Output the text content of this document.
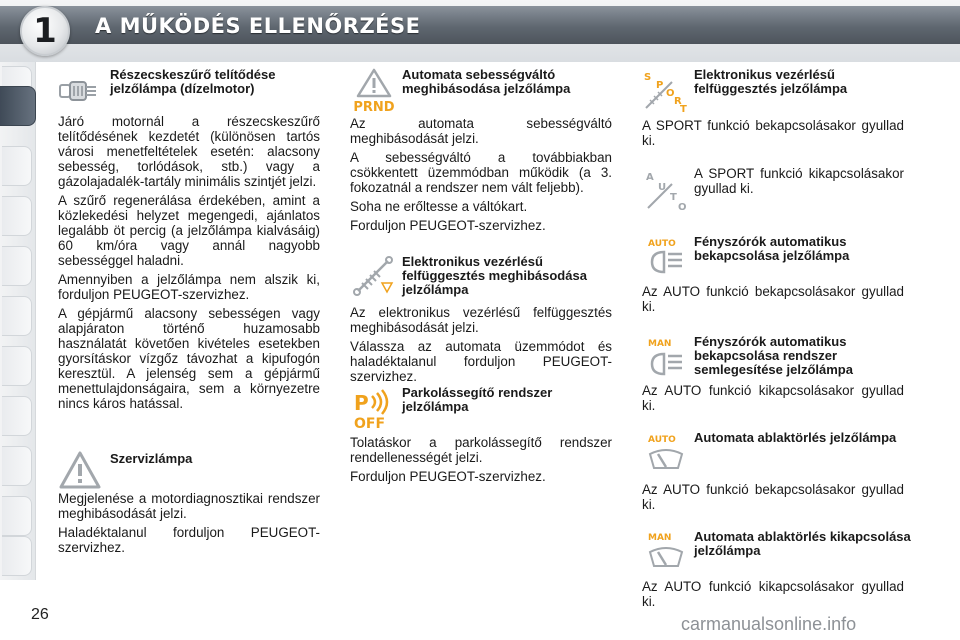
1	A MŰKÖDÉS ELLENŐRZÉSE
Részecskeszűrő telítődése jelzőlámpa (dízelmotor)

Járó motornál a részecskeszűrő telítődésének kezdetét (különösen tartós városi menetfeltételek esetén: alacsony sebesség, torlódások, stb.) vagy a gázolajadalék-tartály minimális szintjét jelzi.

A szűrő regenerálása érdekében, amint a közlekedési helyzet megengedi, ajánlatos legalább öt percig (a jelzőlámpa kialvásáig) 60 km/óra vagy annál nagyobb sebességgel haladni.

Amennyiben a jelzőlámpa nem alszik ki, forduljon PEUGEOT-szervizhez.

A gépjármű alacsony sebességen vagy alapjáraton történő huzamosabb használatát követően kivételes esetekben gyorsításkor vízgőz távozhat a kipufogón keresztül. A jelenség sem a gépjármű menettulajdonságaira, sem a környezetre nincs káros hatással.

Szervizlámpa

Megjelenése a motordiagnosztikai rendszer meghibásodását jelzi.

Haladéktalanul forduljon PEUGEOT-szervizhez.

PRND
Automata sebességváltó meghibásodása jelzőlámpa

Az automata sebességváltó meghibásodását jelzi.

A sebességváltó a továbbiakban csökkentett üzemmódban működik (a 3. fokozatnál a rendszer nem vált feljebb).

Soha ne erőltesse a váltókart.

Forduljon PEUGEOT-szervizhez.

Elektronikus vezérlésű felfüggesztés meghibásodása jelzőlámpa

Az elektronikus vezérlésű felfüggesztés meghibásodását jelzi.

Válassza az automata üzemmódot és haladéktalanul forduljon PEUGEOT-szervizhez.

P
OFF
Parkolássegítő rendszer jelzőlámpa

Tolatáskor a parkolássegítő rendszer rendellenességét jelzi.

Forduljon PEUGEOT-szervizhez.

S
P
O
R
T
Elektronikus vezérlésű felfüggesztés jelzőlámpa
A SPORT funkció bekapcsolásakor gyullad ki.
A
U
T
O
A SPORT funkció kikapcsolásakor gyullad ki.
AUTO Fényszórók automatikus bekapcsolása jelzőlámpa
Az AUTO funkció bekapcsolásakor gyullad ki.
MAN Fényszórók automatikus bekapcsolása rendszer semlegesítése jelzőlámpa
Az AUTO funkció kikapcsolásakor gyullad ki.
AUTO Automata ablaktörlés jelzőlámpa
Az AUTO funkció bekapcsolásakor gyullad ki.
MAN Automata ablaktörlés kikapcsolása jelzőlámpa
Az AUTO funkció kikapcsolásakor gyullad ki.
26	carmanualsonline.info
